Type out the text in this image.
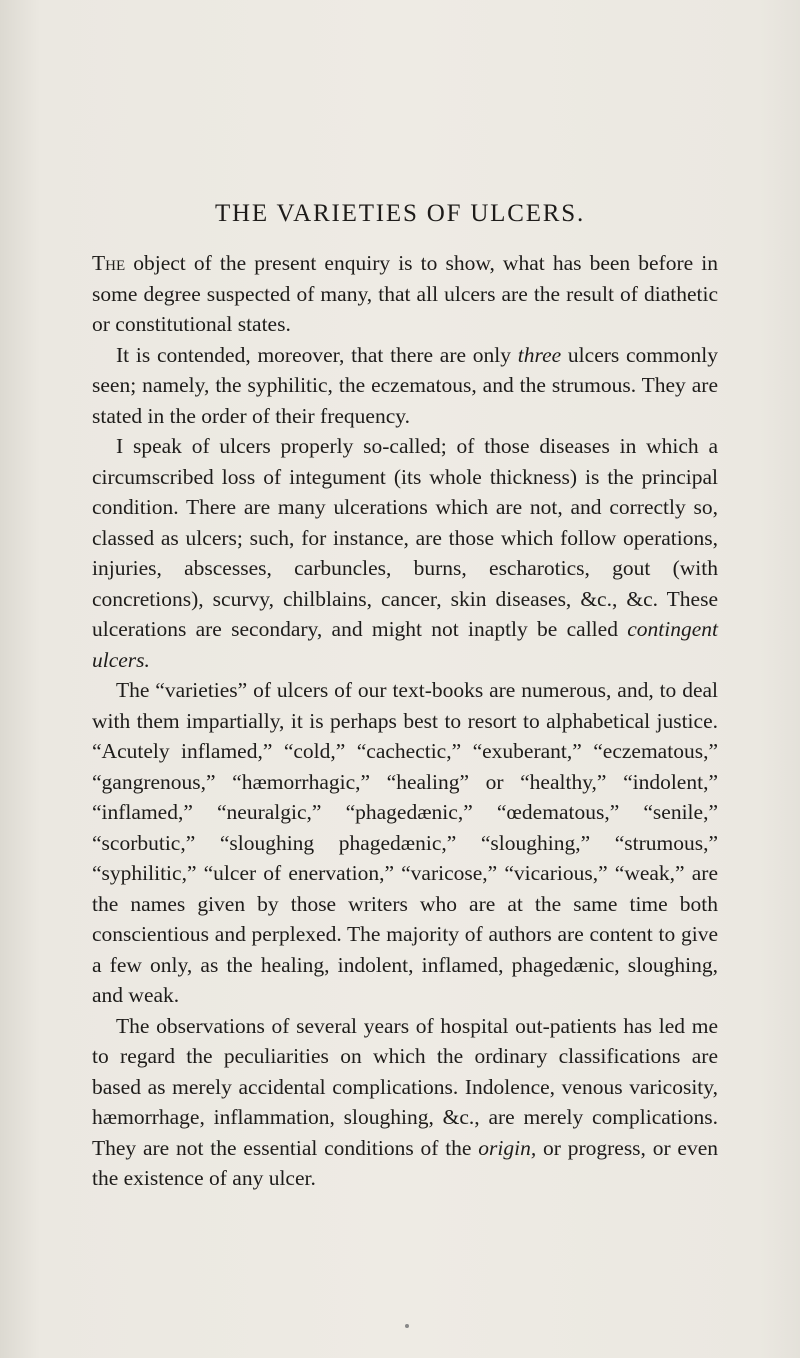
THE VARIETIES OF ULCERS.

The object of the present enquiry is to show, what has been before in some degree suspected of many, that all ulcers are the result of diathetic or constitutional states.

It is contended, moreover, that there are only three ulcers commonly seen; namely, the syphilitic, the eczematous, and the strumous. They are stated in the order of their frequency.

I speak of ulcers properly so-called; of those diseases in which a circumscribed loss of integument (its whole thickness) is the principal condition. There are many ulcerations which are not, and correctly so, classed as ulcers; such, for instance, are those which follow operations, injuries, abscesses, carbuncles, burns, escharotics, gout (with concretions), scurvy, chilblains, cancer, skin diseases, &c., &c. These ulcerations are secondary, and might not inaptly be called contingent ulcers.

The “varieties” of ulcers of our text-books are numerous, and, to deal with them impartially, it is perhaps best to resort to alphabetical justice. “Acutely inflamed,” “cold,” “cachectic,” “exuberant,” “eczematous,” “gangrenous,” “hæmorrhagic,” “healing” or “healthy,” “indolent,” “inflamed,” “neuralgic,” “phagedænic,” “œdematous,” “senile,” “scorbutic,” “sloughing phagedænic,” “sloughing,” “strumous,” “syphilitic,” “ulcer of enervation,” “varicose,” “vicarious,” “weak,” are the names given by those writers who are at the same time both conscientious and perplexed. The majority of authors are content to give a few only, as the healing, indolent, inflamed, phagedænic, sloughing, and weak.

The observations of several years of hospital out-patients has led me to regard the peculiarities on which the ordinary classifications are based as merely accidental complications. Indolence, venous varicosity, hæmorrhage, inflammation, sloughing, &c., are merely complications. They are not the essential conditions of the origin, or progress, or even the existence of any ulcer.
